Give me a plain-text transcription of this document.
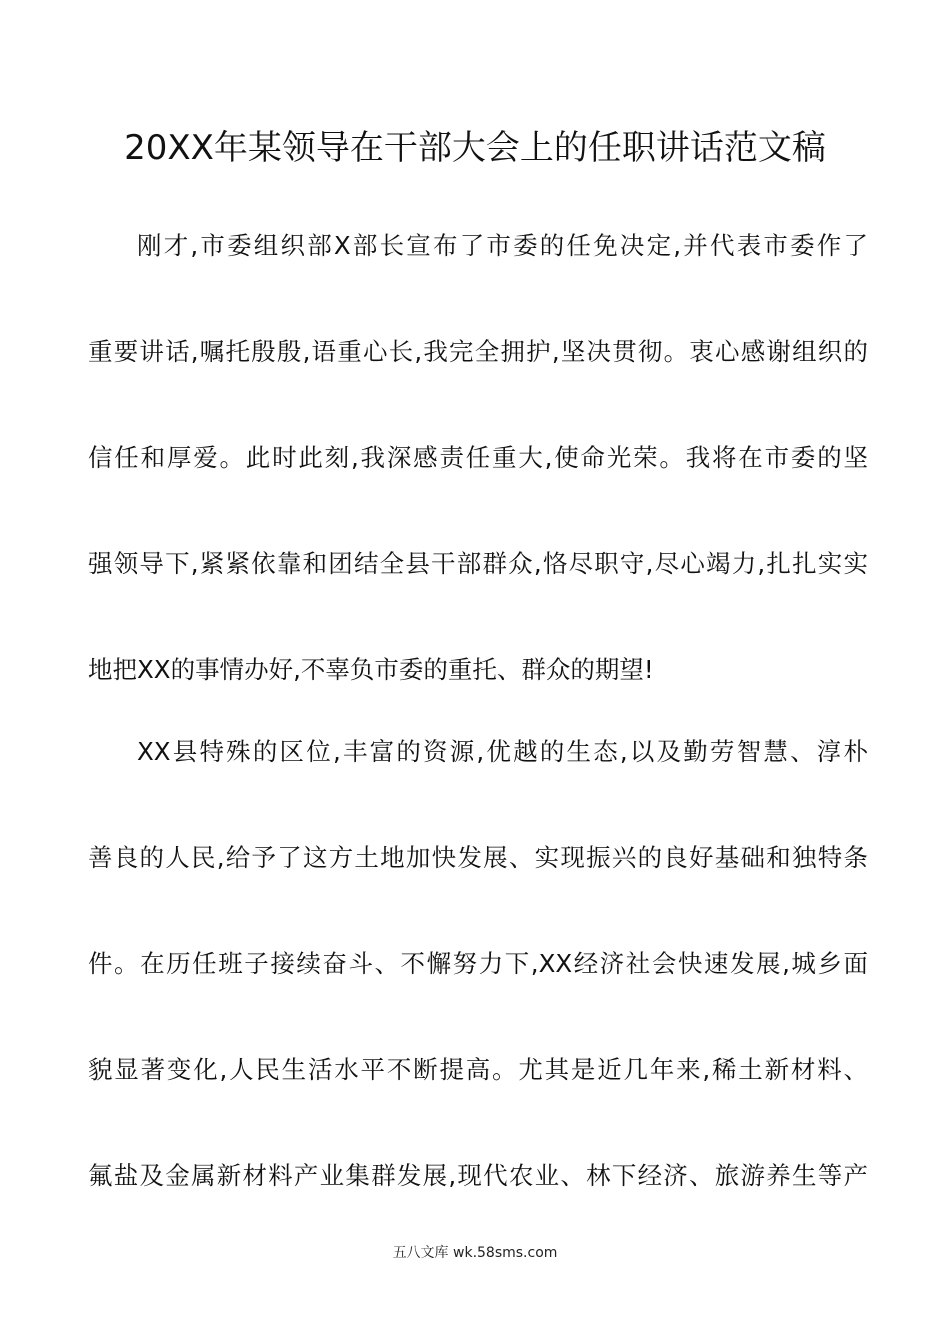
20XX年某领导在干部大会上的任职讲话范文稿
刚才,市委组织部X部长宣布了市委的任免决定,并代表市委作了
重要讲话,嘱托殷殷,语重心长,我完全拥护,坚决贯彻。衷心感谢组织的
信任和厚爱。此时此刻,我深感责任重大,使命光荣。我将在市委的坚
强领导下,紧紧依靠和团结全县干部群众,恪尽职守,尽心竭力,扎扎实实
地把XX的事情办好,不辜负市委的重托、群众的期望!
XX县特殊的区位,丰富的资源,优越的生态,以及勤劳智慧、淳朴
善良的人民,给予了这方土地加快发展、实现振兴的良好基础和独特条
件。在历任班子接续奋斗、不懈努力下,XX经济社会快速发展,城乡面
貌显著变化,人民生活水平不断提高。尤其是近几年来,稀土新材料、
氟盐及金属新材料产业集群发展,现代农业、林下经济、旅游养生等产
五八文库 wk.58sms.com
